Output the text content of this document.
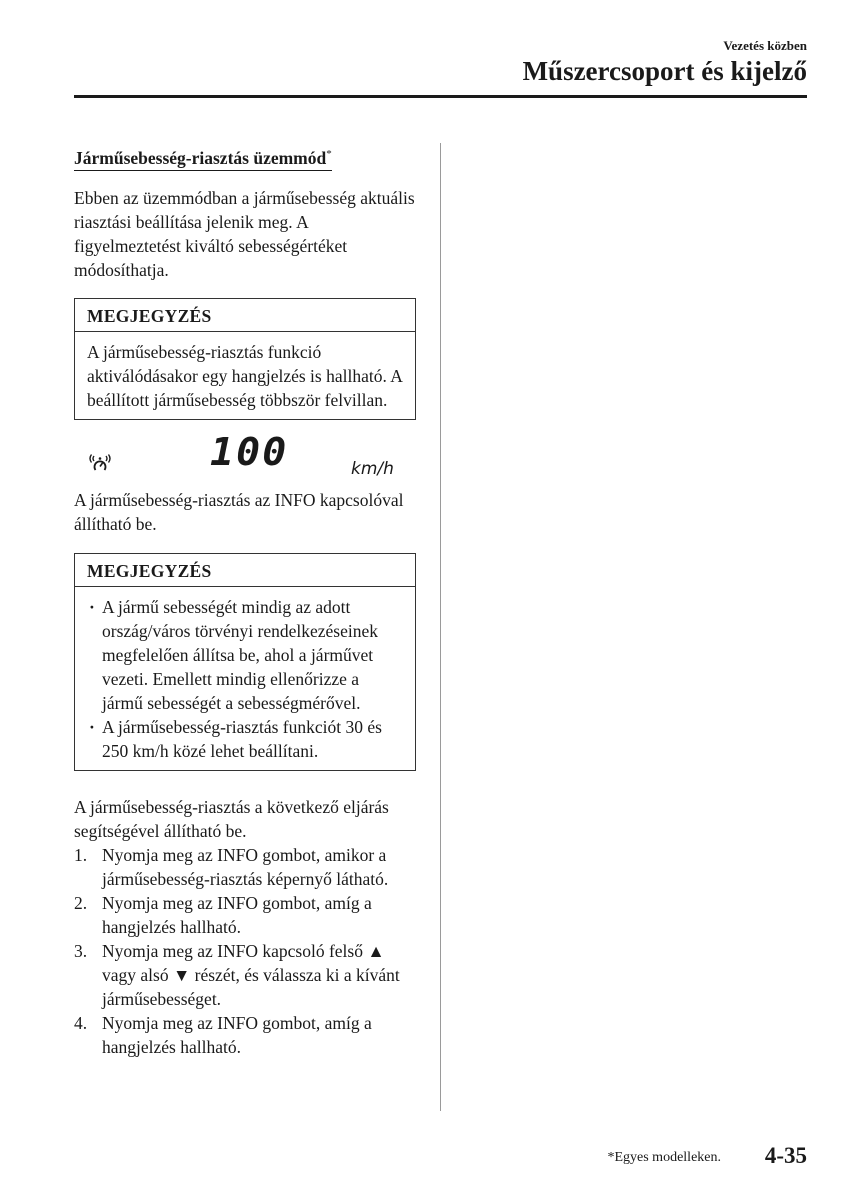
Vezetés közben
Műszercsoport és kijelző
Járműsebesség-riasztás üzemmód*

Ebben az üzemmódban a járműsebesség aktuális riasztási beállítása jelenik meg. A figyelmeztetést kiváltó sebességértéket módosíthatja.

MEGJEGYZÉS
A járműsebesség-riasztás funkció aktiválódásakor egy hangjelzés is hallható. A beállított járműsebesség többször felvillan.
100	km/h

A járműsebesség-riasztás az INFO kapcsolóval állítható be.

MEGJEGYZÉS
· A jármű sebességét mindig az adott ország/város törvényi rendelkezéseinek megfelelően állítsa be, ahol a járművet vezeti. Emellett mindig ellenőrizze a jármű sebességét a sebességmérővel.
· A járműsebesség-riasztás funkciót 30 és 250 km/h közé lehet beállítani.

A járműsebesség-riasztás a következő eljárás segítségével állítható be.

1. Nyomja meg az INFO gombot, amikor a járműsebesség-riasztás képernyő látható.
2. Nyomja meg az INFO gombot, amíg a hangjelzés hallható.
3. Nyomja meg az INFO kapcsoló felső ▲ vagy alsó ▼ részét, és válassza ki a kívánt járműsebességet.
4. Nyomja meg az INFO gombot, amíg a hangjelzés hallható.
*Egyes modelleken. 4-35
